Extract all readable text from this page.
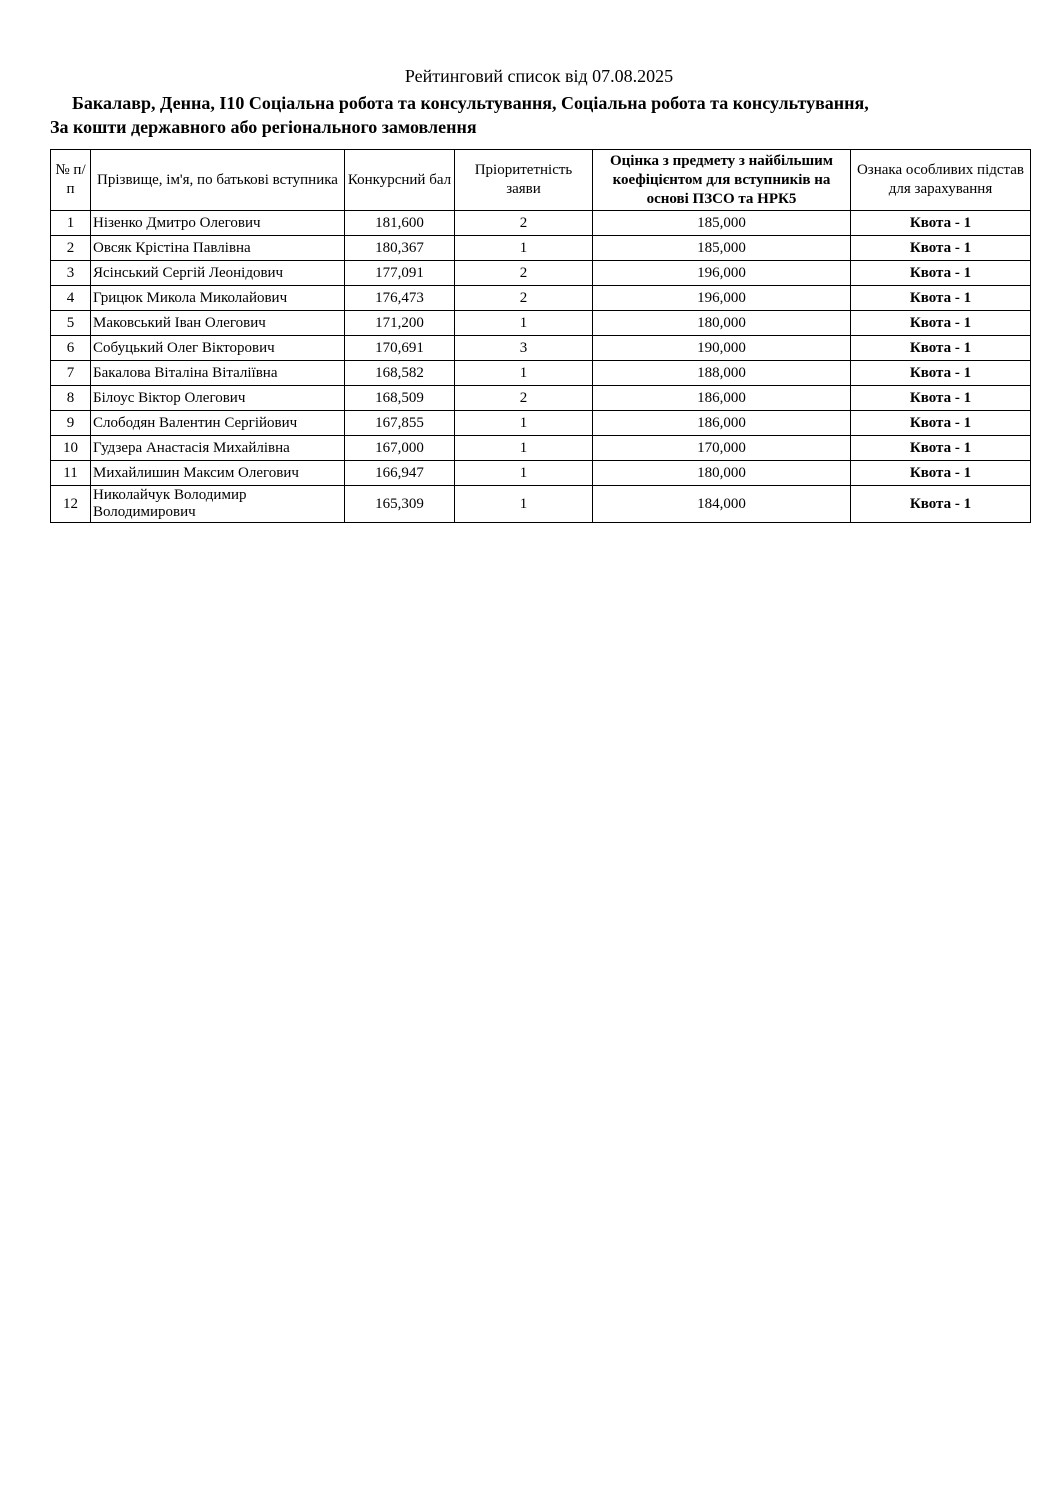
Рейтинговий список від 07.08.2025
Бакалавр, Денна, І10 Соціальна робота та консультування, Соціальна робота та консультування,
За кошти державного або регіонального замовлення
№ п/п	Прізвище, ім'я, по батькові вступника	Конкурсний бал	Пріоритетність заяви	Оцінка з предмету з найбільшим коефіцієнтом для вступників на основі ПЗСО та НРК5	Ознака особливих підстав для зарахування
1	Нізенко Дмитро Олегович	181,600	2	185,000	Квота - 1
2	Овсяк Крістіна Павлівна	180,367	1	185,000	Квота - 1
3	Ясінський Сергій Леонідович	177,091	2	196,000	Квота - 1
4	Грицюк Микола Миколайович	176,473	2	196,000	Квота - 1
5	Маковський Іван Олегович	171,200	1	180,000	Квота - 1
6	Собуцький Олег Вікторович	170,691	3	190,000	Квота - 1
7	Бакалова Віталіна Віталіївна	168,582	1	188,000	Квота - 1
8	Білоус Віктор Олегович	168,509	2	186,000	Квота - 1
9	Слободян Валентин Сергійович	167,855	1	186,000	Квота - 1
10	Гудзера Анастасія Михайлівна	167,000	1	170,000	Квота - 1
11	Михайлишин Максим Олегович	166,947	1	180,000	Квота - 1
12	Николайчук Володимир Володимирович	165,309	1	184,000	Квота - 1
